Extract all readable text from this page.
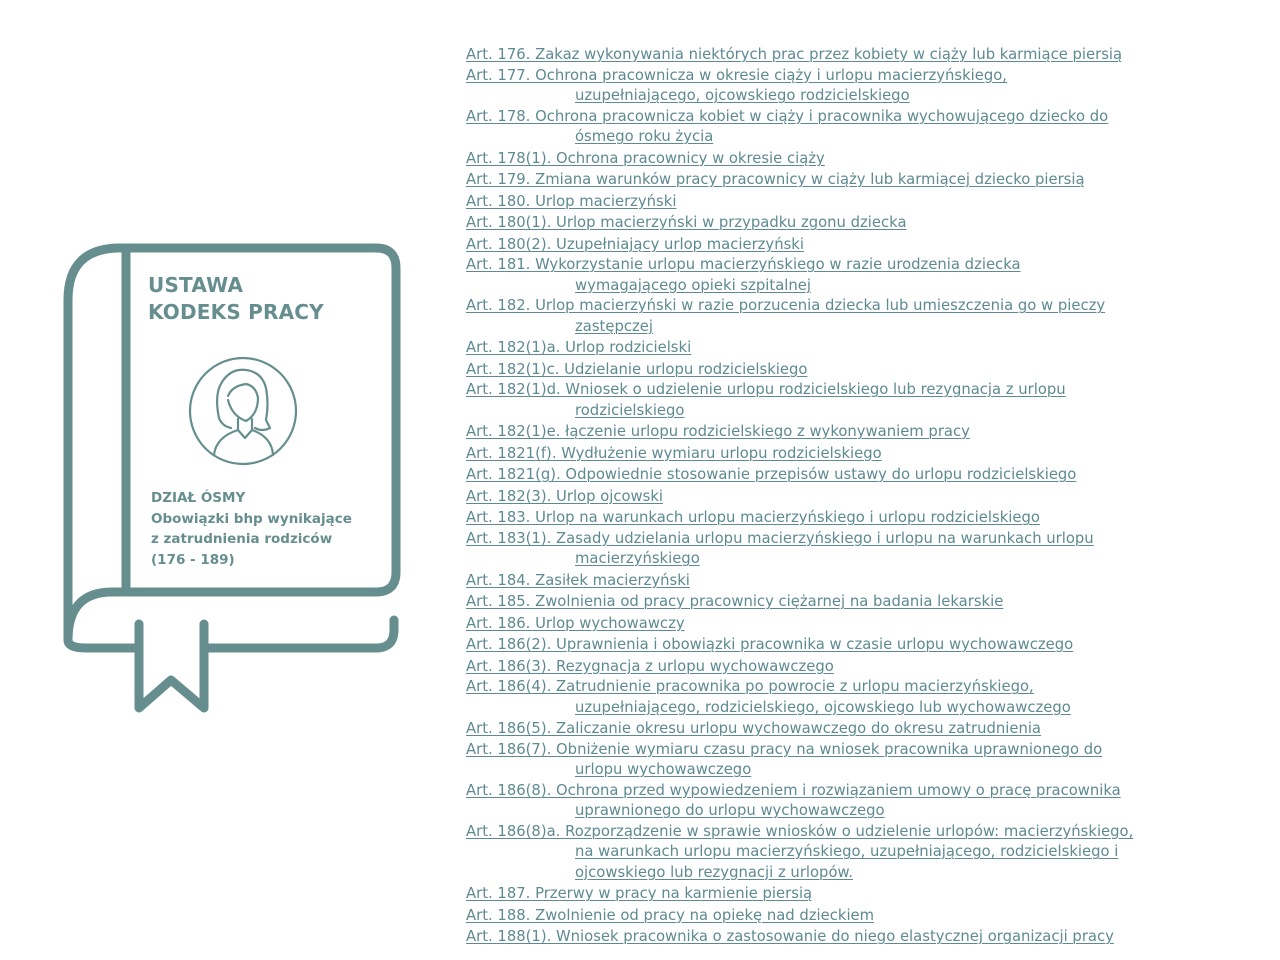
USTAWA
KODEKS PRACY
DZIAŁ ÓSMY
Obowiązki bhp wynikające
z zatrudnienia rodziców
(176 - 189)
Art. 176. Zakaz wykonywania niektórych prac przez kobiety w ciąży lub karmiące piersią
Art. 177. Ochrona pracownicza w okresie ciąży i urlopu macierzyńskiego,
uzupełniającego, ojcowskiego rodzicielskiego
Art. 178. Ochrona pracownicza kobiet w ciąży i pracownika wychowującego dziecko do
ósmego roku życia
Art. 178(1). Ochrona pracownicy w okresie ciąży
Art. 179. Zmiana warunków pracy pracownicy w ciąży lub karmiącej dziecko piersią
Art. 180. Urlop macierzyński
Art. 180(1). Urlop macierzyński w przypadku zgonu dziecka
Art. 180(2). Uzupełniający urlop macierzyński
Art. 181. Wykorzystanie urlopu macierzyńskiego w razie urodzenia dziecka
wymagającego opieki szpitalnej
Art. 182. Urlop macierzyński w razie porzucenia dziecka lub umieszczenia go w pieczy
zastępczej
Art. 182(1)a. Urlop rodzicielski
Art. 182(1)c. Udzielanie urlopu rodzicielskiego
Art. 182(1)d. Wniosek o udzielenie urlopu rodzicielskiego lub rezygnacja z urlopu
rodzicielskiego
Art. 182(1)e. łączenie urlopu rodzicielskiego z wykonywaniem pracy
Art. 1821(f). Wydłużenie wymiaru urlopu rodzicielskiego
Art. 1821(g). Odpowiednie stosowanie przepisów ustawy do urlopu rodzicielskiego
Art. 182(3). Urlop ojcowski
Art. 183. Urlop na warunkach urlopu macierzyńskiego i urlopu rodzicielskiego
Art. 183(1). Zasady udzielania urlopu macierzyńskiego i urlopu na warunkach urlopu
macierzyńskiego
Art. 184. Zasiłek macierzyński
Art. 185. Zwolnienia od pracy pracownicy ciężarnej na badania lekarskie
Art. 186. Urlop wychowawczy
Art. 186(2). Uprawnienia i obowiązki pracownika w czasie urlopu wychowawczego
Art. 186(3). Rezygnacja z urlopu wychowawczego
Art. 186(4). Zatrudnienie pracownika po powrocie z urlopu macierzyńskiego,
uzupełniającego, rodzicielskiego, ojcowskiego lub wychowawczego
Art. 186(5). Zaliczanie okresu urlopu wychowawczego do okresu zatrudnienia
Art. 186(7). Obniżenie wymiaru czasu pracy na wniosek pracownika uprawnionego do
urlopu wychowawczego
Art. 186(8). Ochrona przed wypowiedzeniem i rozwiązaniem umowy o pracę pracownika
uprawnionego do urlopu wychowawczego
Art. 186(8)a. Rozporządzenie w sprawie wniosków o udzielenie urlopów: macierzyńskiego,
na warunkach urlopu macierzyńskiego, uzupełniającego, rodzicielskiego i
ojcowskiego lub rezygnacji z urlopów.
Art. 187. Przerwy w pracy na karmienie piersią
Art. 188. Zwolnienie od pracy na opiekę nad dzieckiem
Art. 188(1). Wniosek pracownika o zastosowanie do niego elastycznej organizacji pracy
